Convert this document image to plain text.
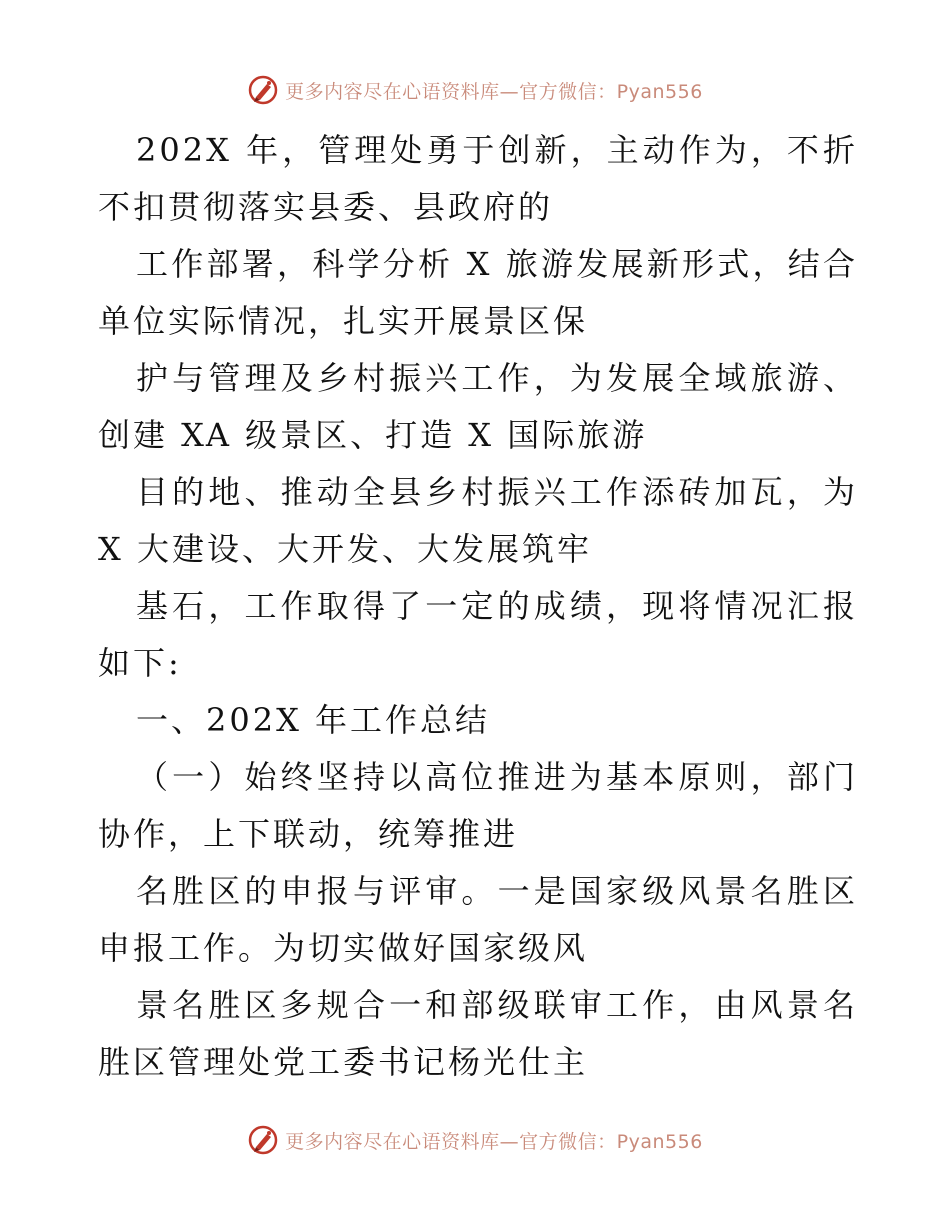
更多内容尽在心语资料库—官方微信：Pyan556

202X 年，管理处勇于创新，主动作为，不折不扣贯彻落实县委、县政府的

工作部署，科学分析 X 旅游发展新形式，结合单位实际情况，扎实开展景区保

护与管理及乡村振兴工作，为发展全域旅游、创建 XA 级景区、打造 X 国际旅游

目的地、推动全县乡村振兴工作添砖加瓦，为 X 大建设、大开发、大发展筑牢

基石，工作取得了一定的成绩，现将情况汇报如下:

一、202X 年工作总结

（一）始终坚持以高位推进为基本原则，部门协作，上下联动，统筹推进

名胜区的申报与评审。一是国家级风景名胜区申报工作。为切实做好国家级风

景名胜区多规合一和部级联审工作，由风景名胜区管理处党工委书记杨光仕主

更多内容尽在心语资料库—官方微信：Pyan556
